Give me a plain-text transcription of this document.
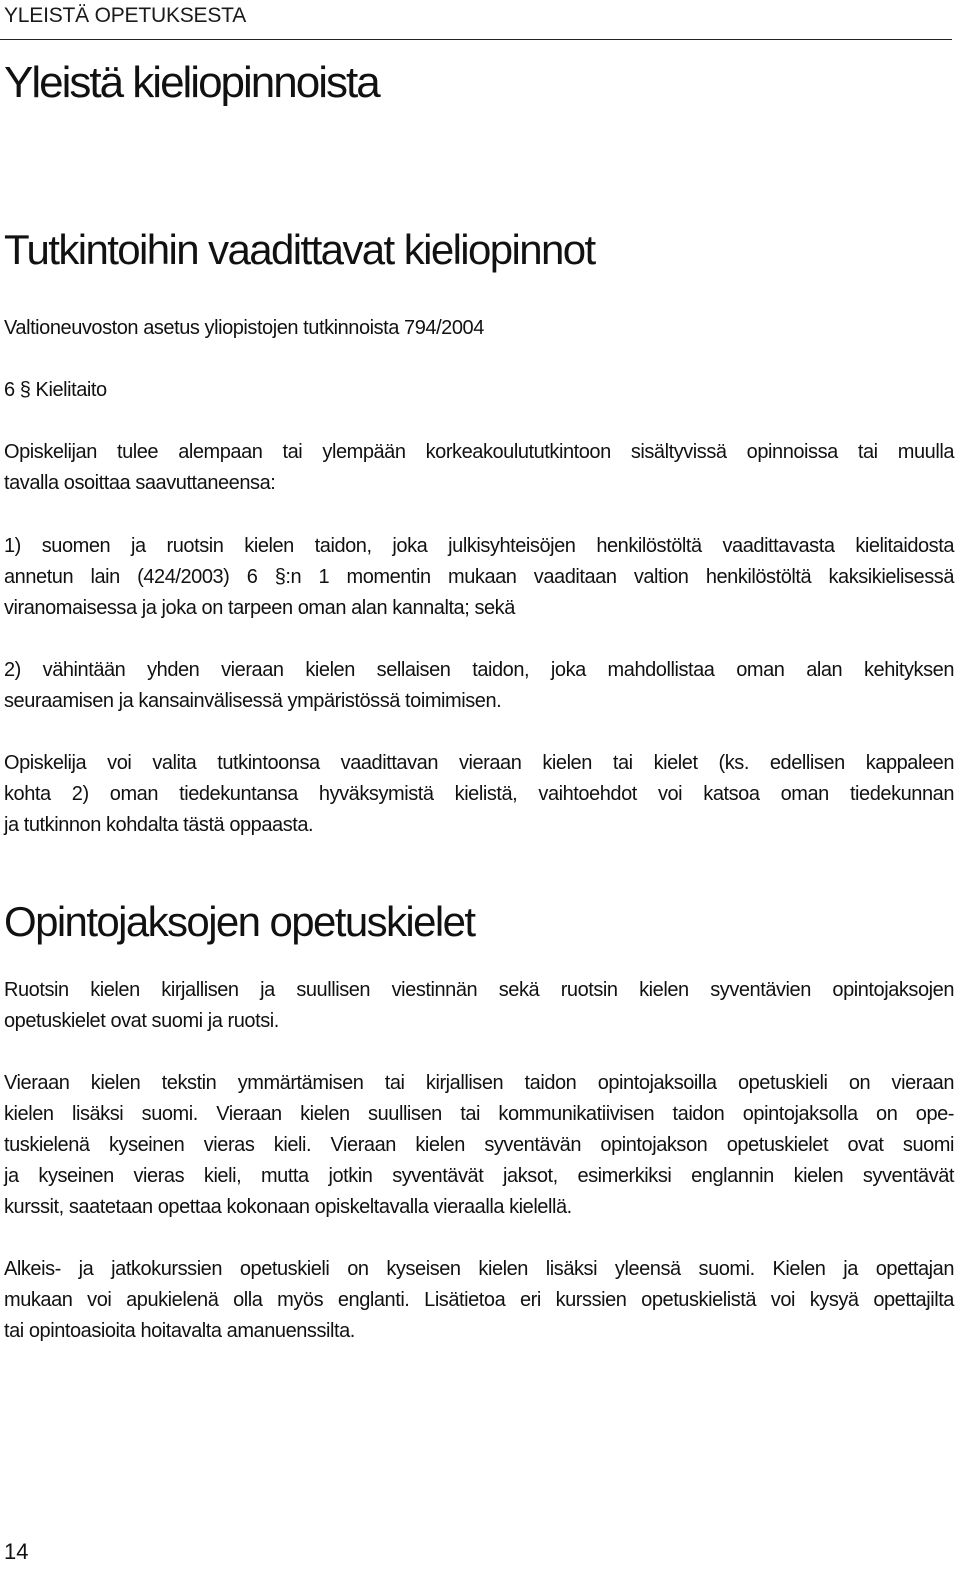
YLEISTÄ OPETUKSESTA
Yleistä kieliopinnoista
Tutkintoihin vaadittavat kieliopinnot

Valtioneuvoston asetus yliopistojen tutkinnoista 794/2004

6 § Kielitaito

Opiskelijan tulee alempaan tai ylempään korkeakoulututkintoon sisältyvissä opinnoissa tai muulla
tavalla osoittaa saavuttaneensa:

1) suomen ja ruotsin kielen taidon, joka julkisyhteisöjen henkilöstöltä vaadittavasta kielitaidosta
annetun lain (424/2003) 6 §:n 1 momentin mukaan vaaditaan valtion henkilöstöltä kaksikielisessä
viranomaisessa ja joka on tarpeen oman alan kannalta; sekä

2) vähintään yhden vieraan kielen sellaisen taidon, joka mahdollistaa oman alan kehityksen
seuraamisen ja kansainvälisessä ympäristössä toimimisen.

Opiskelija voi valita tutkintoonsa vaadittavan vieraan kielen tai kielet (ks. edellisen kappaleen
kohta 2) oman tiedekuntansa hyväksymistä kielistä, vaihtoehdot voi katsoa oman tiedekunnan
ja tutkinnon kohdalta tästä oppaasta.

Opintojaksojen opetuskielet

Ruotsin kielen kirjallisen ja suullisen viestinnän sekä ruotsin kielen syventävien opintojaksojen
opetuskielet ovat suomi ja ruotsi.

Vieraan kielen tekstin ymmärtämisen tai kirjallisen taidon opintojaksoilla opetuskieli on vieraan
kielen lisäksi suomi. Vieraan kielen suullisen tai kommunikatiivisen taidon opintojaksolla on ope-
tuskielenä kyseinen vieras kieli. Vieraan kielen syventävän opintojakson opetuskielet ovat suomi
ja kyseinen vieras kieli, mutta jotkin syventävät jaksot, esimerkiksi englannin kielen syventävät
kurssit, saatetaan opettaa kokonaan opiskeltavalla vieraalla kielellä.

Alkeis- ja jatkokurssien opetuskieli on kyseisen kielen lisäksi yleensä suomi. Kielen ja opettajan
mukaan voi apukielenä olla myös englanti. Lisätietoa eri kurssien opetuskielistä voi kysyä opettajilta
tai opintoasioita hoitavalta amanuenssilta.

14
